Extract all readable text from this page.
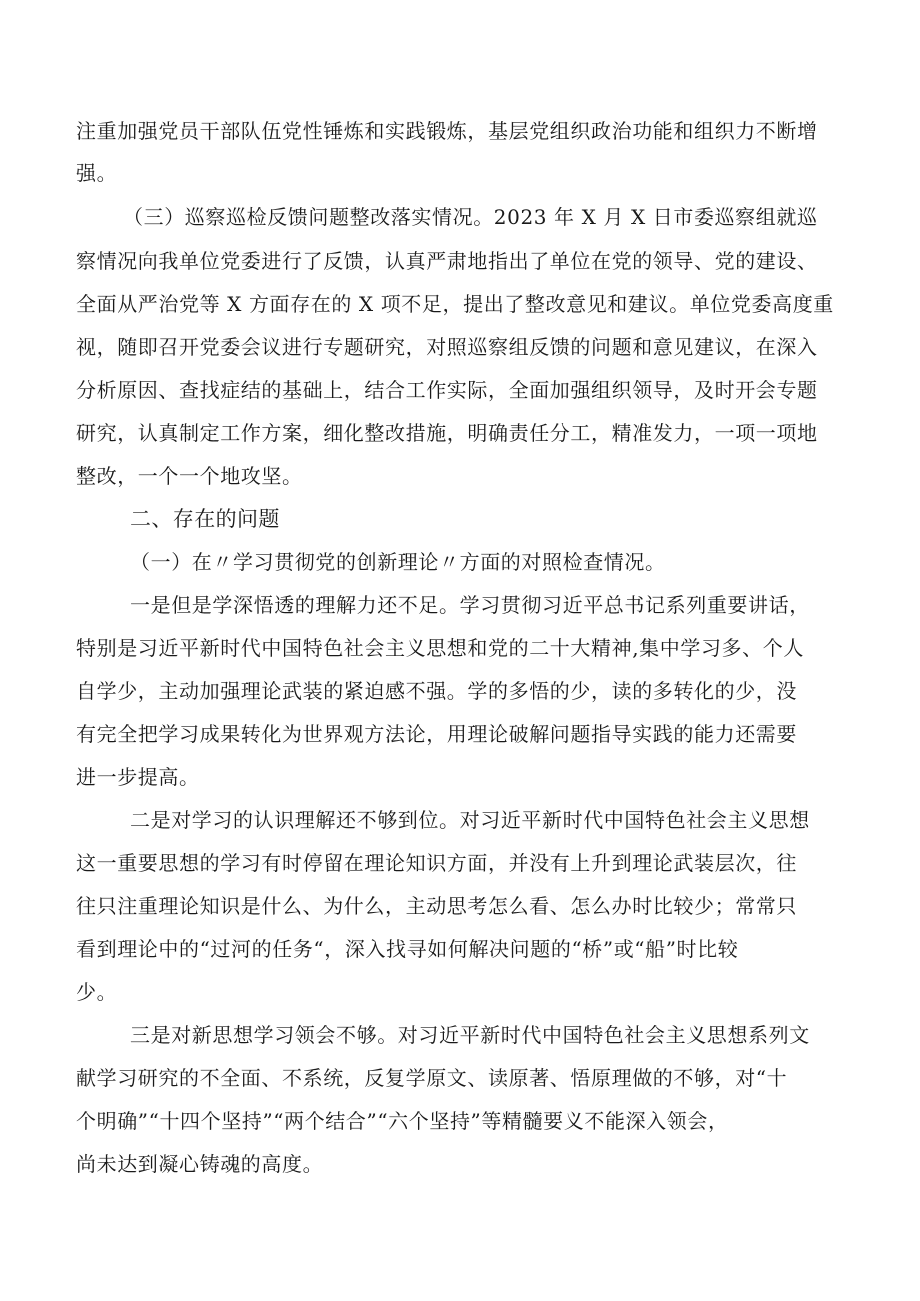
注重加强党员干部队伍党性锤炼和实践锻炼，基层党组织政治功能和组织力不断增
强。
（三）巡察巡检反馈问题整改落实情况。2023 年 X 月 X 日市委巡察组就巡
察情况向我单位党委进行了反馈，认真严肃地指出了单位在党的领导、党的建设、
全面从严治党等 X 方面存在的 X 项不足，提出了整改意见和建议。单位党委高度重
视，随即召开党委会议进行专题研究，对照巡察组反馈的问题和意见建议，在深入
分析原因、查找症结的基础上，结合工作实际，全面加强组织领导，及时开会专题
研究，认真制定工作方案，细化整改措施，明确责任分工，精准发力，一项一项地
整改，一个一个地攻坚。
二、存在的问题
（一）在〃学习贯彻党的创新理论〃方面的对照检查情况。
一是但是学深悟透的理解力还不足。学习贯彻习近平总书记系列重要讲话，
特别是习近平新时代中国特色社会主义思想和党的二十大精神,集中学习多、个人
自学少，主动加强理论武装的紧迫感不强。学的多悟的少，读的多转化的少，没
有完全把学习成果转化为世界观方法论，用理论破解问题指导实践的能力还需要
进一步提高。
二是对学习的认识理解还不够到位。对习近平新时代中国特色社会主义思想
这一重要思想的学习有时停留在理论知识方面，并没有上升到理论武装层次，往
往只注重理论知识是什么、为什么，主动思考怎么看、怎么办时比较少；常常只
看到理论中的“过河的任务“，深入找寻如何解决问题的“桥”或“船”时比较
少。
三是对新思想学习领会不够。对习近平新时代中国特色社会主义思想系列文
献学习研究的不全面、不系统，反复学原文、读原著、悟原理做的不够，对“十
个明确”“十四个坚持”“两个结合”“六个坚持”等精髓要义不能深入领会，
尚未达到凝心铸魂的高度。
